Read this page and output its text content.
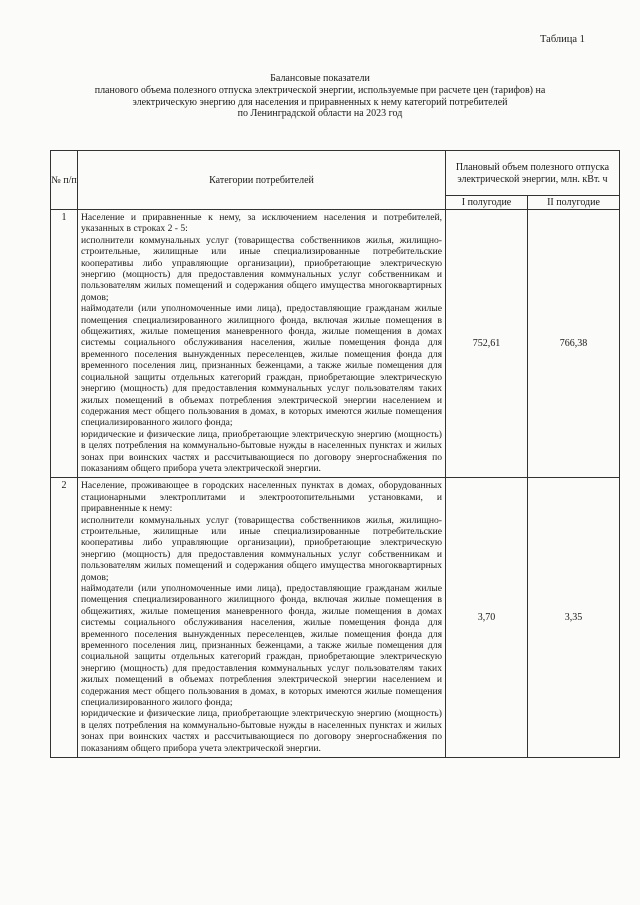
Таблица 1
Балансовые показатели
планового объема полезного отпуска электрической энергии, используемые при расчете цен (тарифов) на
электрическую энергию для населения и приравненных к нему категорий потребителей
по Ленинградской области на 2023 год
№ п/п	Категории потребителей	Плановый объем полезного отпуска электрической энергии, млн. кВт. ч	
		I полугодие	II полугодие
1	Население и приравненные к нему, за исключением населения и потребителей, указанных в строках 2 - 5:

исполнители коммунальных услуг (товарищества собственников жилья, жилищно-строительные, жилищные или иные специализированные потребительские кооперативы либо управляющие организации), приобретающие электрическую энергию (мощность) для предоставления коммунальных услуг собственникам и пользователям жилых помещений и содержания общего имущества многоквартирных домов;

наймодатели (или уполномоченные ими лица), предоставляющие гражданам жилые помещения специализированного жилищного фонда, включая жилые помещения в общежитиях, жилые помещения маневренного фонда, жилые помещения в домах системы социального обслуживания населения, жилые помещения фонда для временного поселения вынужденных переселенцев, жилые помещения фонда для временного поселения лиц, признанных беженцами, а также жилые помещения для социальной защиты отдельных категорий граждан, приобретающие электрическую энергию (мощность) для предоставления коммунальных услуг пользователям таких жилых помещений в объемах потребления электрической энергии населением и содержания мест общего пользования в домах, в которых имеются жилые помещения специализированного жилого фонда;

юридические и физические лица, приобретающие электрическую энергию (мощность) в целях потребления на коммунально-бытовые нужды в населенных пунктах и жилых зонах при воинских частях и рассчитывающиеся по договору энергоснабжения по показаниям общего прибора учета электрической энергии.	752,61	766,38
2	Население, проживающее в городских населенных пунктах в домах, оборудованных стационарными электроплитами и электроотопительными установками, и приравненные к нему:

исполнители коммунальных услуг (товарищества собственников жилья, жилищно-строительные, жилищные или иные специализированные потребительские кооперативы либо управляющие организации), приобретающие электрическую энергию (мощность) для предоставления коммунальных услуг собственникам и пользователям жилых помещений и содержания общего имущества многоквартирных домов;

наймодатели (или уполномоченные ими лица), предоставляющие гражданам жилые помещения специализированного жилищного фонда, включая жилые помещения в общежитиях, жилые помещения маневренного фонда, жилые помещения в домах системы социального обслуживания населения, жилые помещения фонда для временного поселения вынужденных переселенцев, жилые помещения фонда для временного поселения лиц, признанных беженцами, а также жилые помещения для социальной защиты отдельных категорий граждан, приобретающие электрическую энергию (мощность) для предоставления коммунальных услуг пользователям таких жилых помещений в объемах потребления электрической энергии населением и содержания мест общего пользования в домах, в которых имеются жилые помещения специализированного жилого фонда;

юридические и физические лица, приобретающие электрическую энергию (мощность) в целях потребления на коммунально-бытовые нужды в населенных пунктах и жилых зонах при воинских частях и рассчитывающиеся по договору энергоснабжения по показаниям общего прибора учета электрической энергии.	3,70	3,35
